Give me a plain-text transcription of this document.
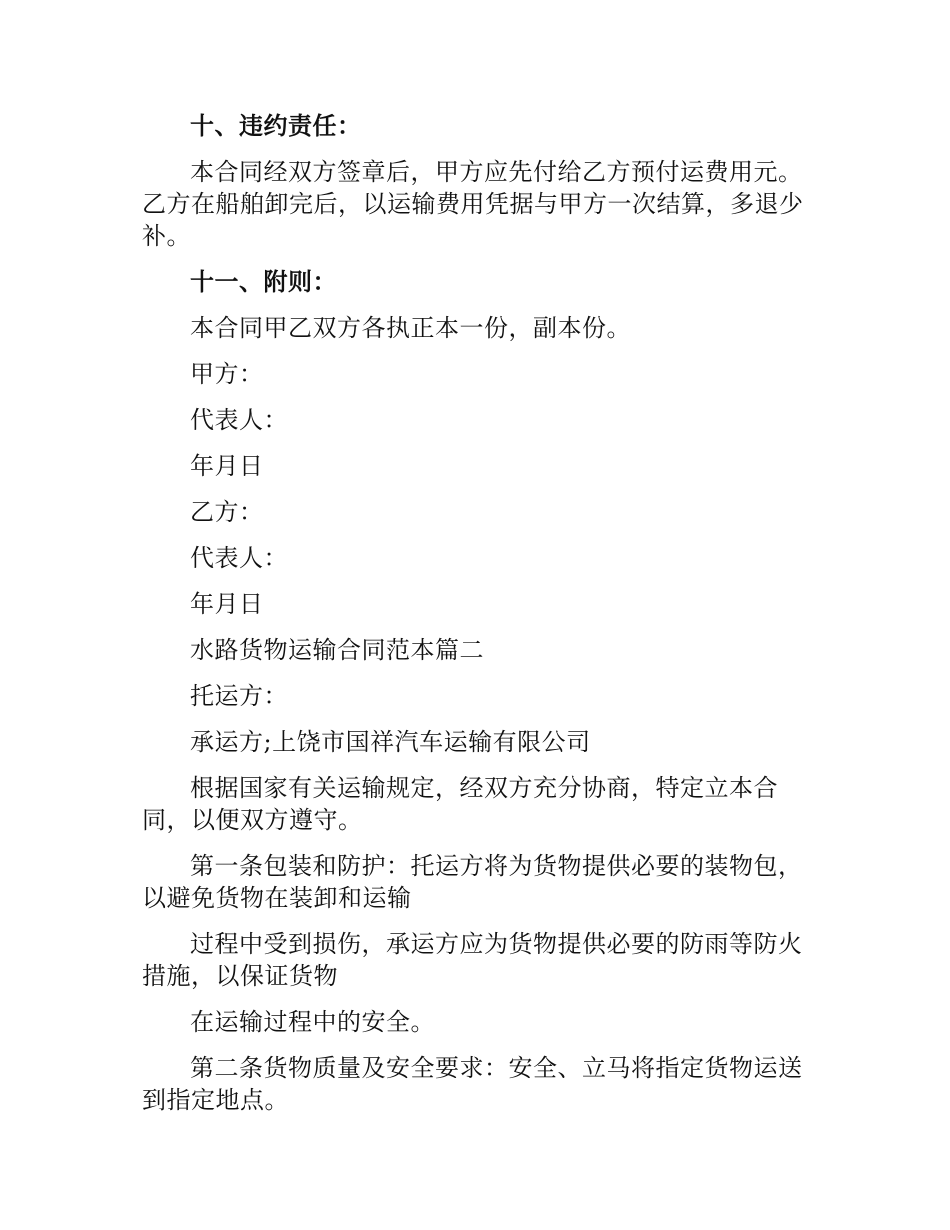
十、违约责任：

本合同经双方签章后，甲方应先付给乙方预付运费用元。乙方在船舶卸完后，以运输费用凭据与甲方一次结算，多退少补。

十一、附则：

本合同甲乙双方各执正本一份，副本份。

甲方：

代表人：

年月日

乙方：

代表人：

年月日

水路货物运输合同范本篇二

托运方：

承运方;上饶市国祥汽车运输有限公司

根据国家有关运输规定，经双方充分协商，特定立本合同，以便双方遵守。

第一条包装和防护：托运方将为货物提供必要的装物包，以避免货物在装卸和运输

过程中受到损伤，承运方应为货物提供必要的防雨等防火措施，以保证货物

在运输过程中的安全。

第二条货物质量及安全要求：安全、立马将指定货物运送到指定地点。
